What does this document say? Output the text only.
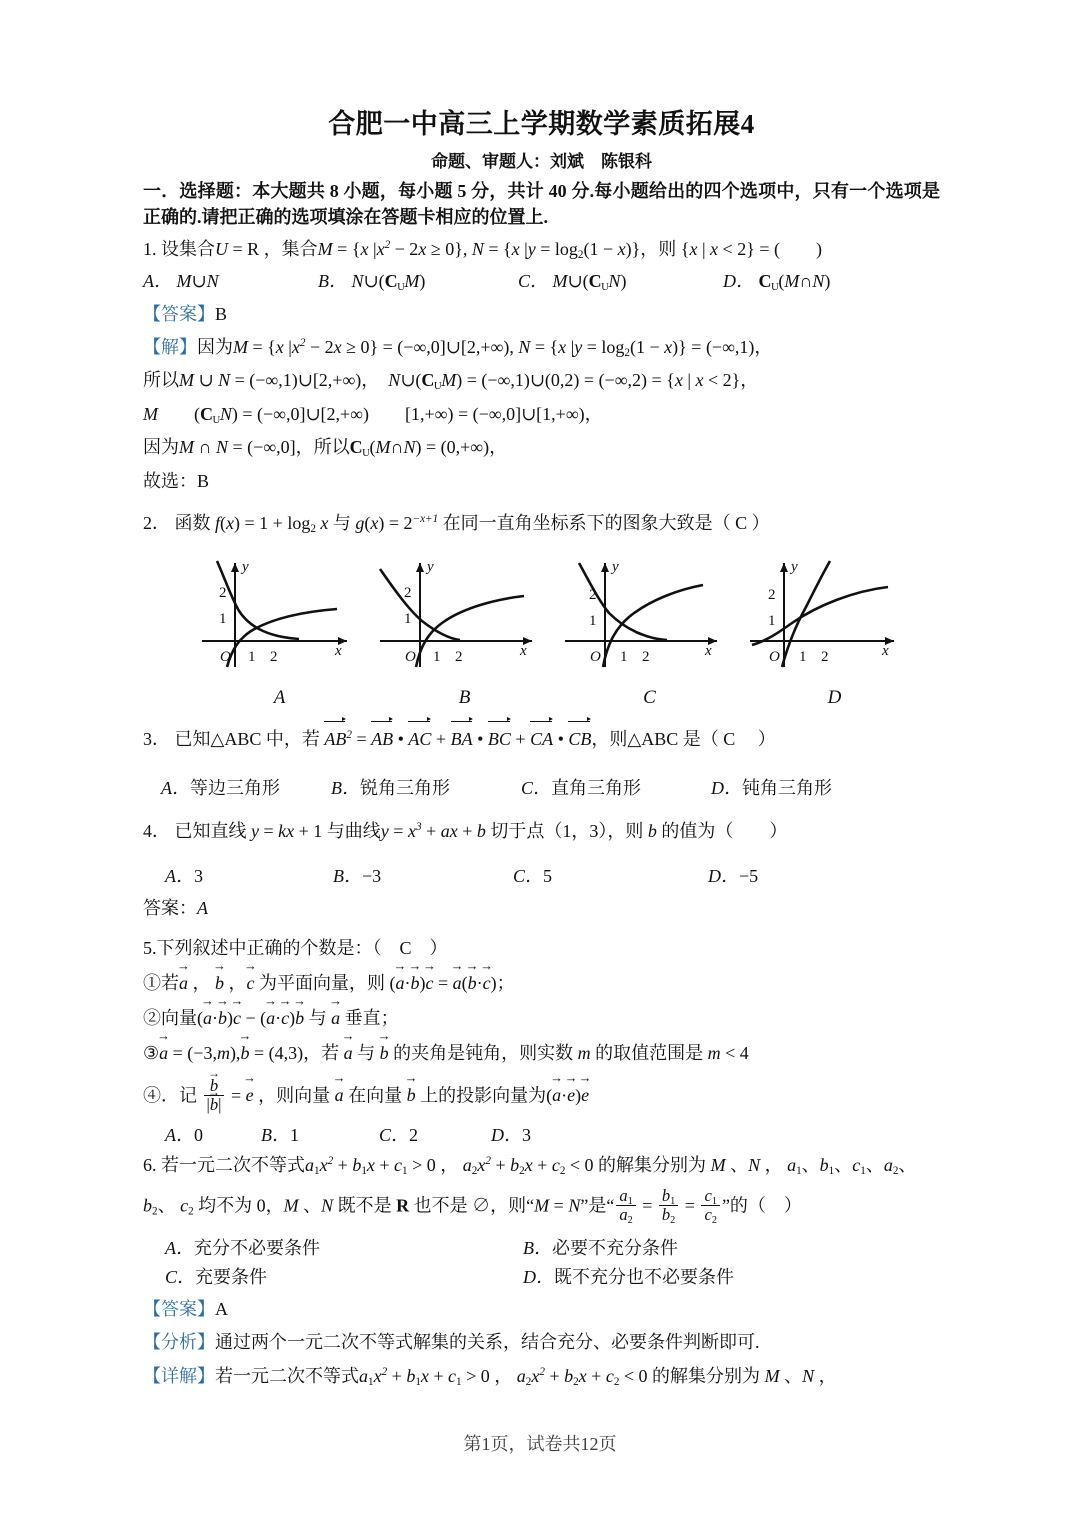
合肥一中高三上学期数学素质拓展4
命题、审题人：刘斌　陈银科
一．选择题：本大题共 8 小题，每小题 5 分，共计 40 分.每小题给出的四个选项中，只有一个选项是正确的.请把正确的选项填涂在答题卡相应的位置上.
1. 设集合U = R ，集合M = {x $|x^2 - 2x \ge 0$}, N = {x $|y = \log_2(1 - x)$}，则 {x | x < 2} = (　　)
A． M∪N	B． N∪(CUM)	C． M∪(CUN)	D． CU(M∩N)
【答案】B
【解】因为M = {x $|x^2 - 2x \ge 0$} = (−∞,0]∪[2,+∞), N = {x $|y = \log_2(1 - x)\} = (-\infty,1)$，
所以M ∪ N = (−∞,1)∪[2,+∞)，　N∪(CUM) = (−∞,1)∪(0,2) = (−∞,2) = {x | x < 2}，
M　　 (CUN) = (−∞,0]∪[2,+∞)　　[1,+∞) = (−∞,0]∪[1,+∞)，
因为M ∩ N = (−∞,0]，所以CU(M∩N) = (0,+∞)，
故选：B
2． 函数 $f(x) = 1 + \log_2 x$ 与 $g(x) = 2^{-x+1}$ 在同一直角坐标系下的图象大致是（ C ）
y
x
O
2
1
1 2
A
y
x
O
2
1
1 2
B
y
x
O
2
1
1 2
C
y
x
O
2
1
1 2
D
3． 已知△ABC 中，若 $AB^2$ = AB • AC + BA • BC + CA • CB，则△ABC 是（ C 　）
A．等边三角形	B．锐角三角形	C．直角三角形	D．钝角三角形
4． 已知直线 y = kx + 1 与曲线$y = x^3$ + ax + b 切于点（1，3），则 b 的值为（　　）
A．3	B．−3	C．5	D．−5
答案：A
5.下列叙述中正确的个数是：（　C　）
①若a → ， b → ，c → 为平面向量，则 (a →·b →)c → = a →(b →·c →)；
②向量(a →·b →)c → − (a →·c →)b → 与 a → 垂直；
③a → = (−3,m),b → = (4,3)，若 a → 与 b → 的夹角是钝角，则实数 m 的取值范围是 m < 4
④．记 $\frac{b \to}{|b \to|} = e$ → ，则向量 a → 在向量 b → 上的投影向量为(a →·e →)e →
A．0	B．1	C．2	D．3
6. 若一元二次不等式$a_1x^2 + b_1x + c_1 > 0$ ， $a_2x^2 + b_2x + c_2 < 0$ 的解集分别为 M 、N ， $a_1$、$b_1$、$c_1$、$a_2$、
$b_2$、 $c_2$ 均不为 0，M 、N 既不是 R 也不是 ∅，则“M = N”是“ $\frac{a_1}{a_2} = \frac{b_1}{b_2} = \frac{c_1}{c_2}$ ”的（　）
A．充分不必要条件	B．必要不充分条件
C．充要条件	D．既不充分也不必要条件
【答案】A
【分析】通过两个一元二次不等式解集的关系，结合充分、必要条件判断即可.
【详解】若一元二次不等式$a_1x^2 + b_1x + c_1 > 0$ ， $a_2x^2 + b_2x + c_2 < 0$ 的解集分别为 M 、N ，
第1页，试卷共12页
